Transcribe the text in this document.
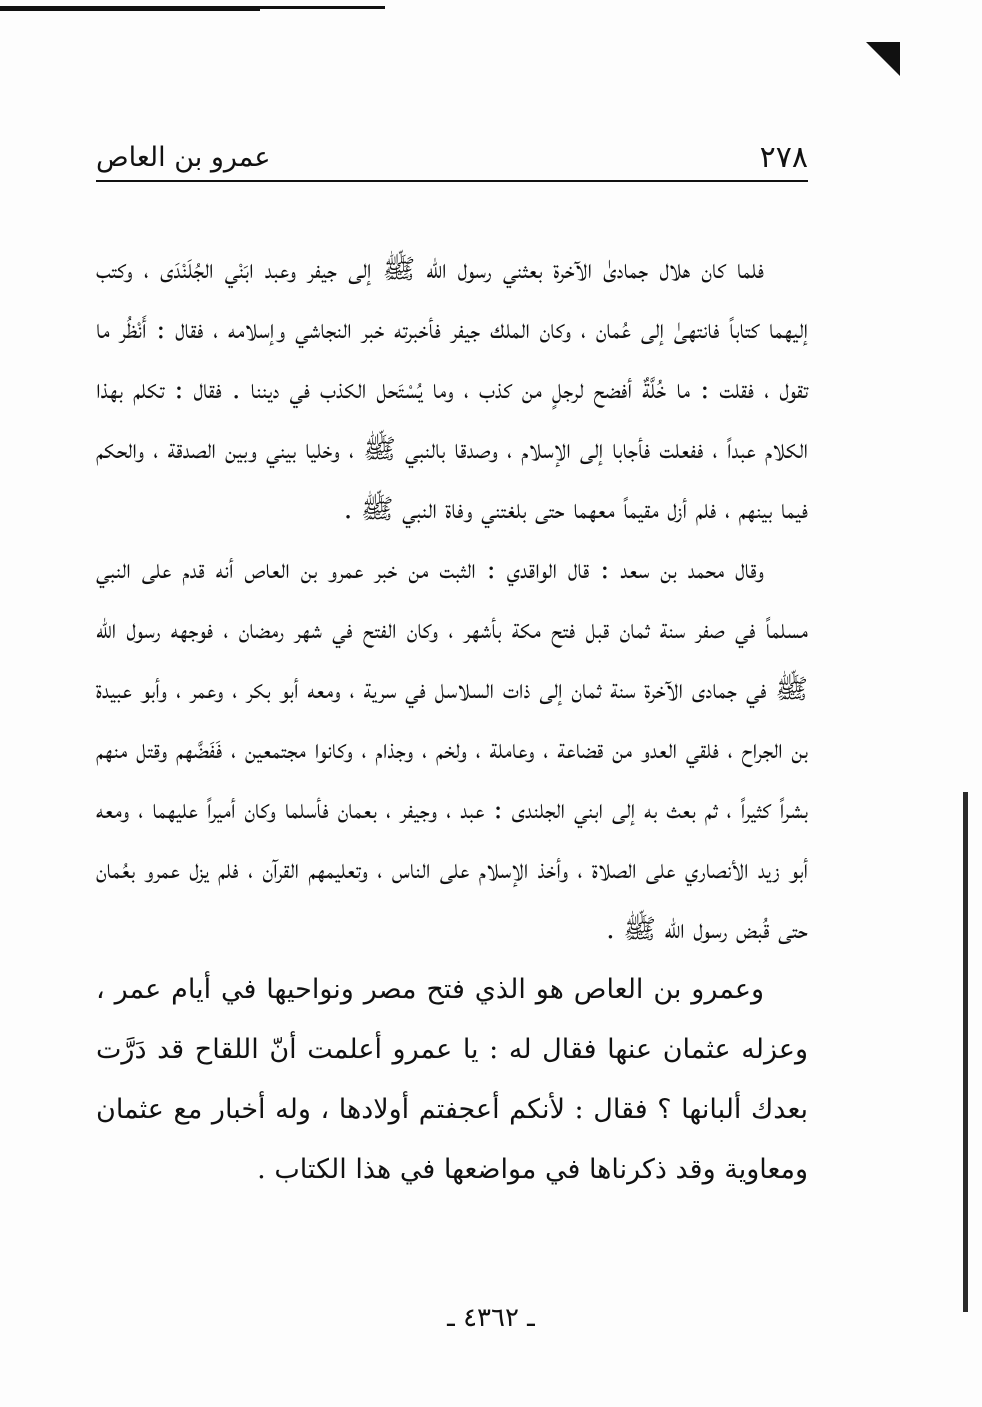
٢٧٨
عمرو بن العاص

فلما كان هلال جمادىٰ الآخرة بعثني رسول الله ﷺ إلى جيفر وعبد ابَنْي الجُلَنْدَى ، وكتب إليهما كتاباً فانتهىٰ إلى عُمان ، وكان الملك جيفر فأخبرته خبر النجاشي وإسلامه ، فقال : أَنْظُر ما تقول ، فقلت : ما خُلَّةٌ أفضح لرجلٍ من كذب ، وما يُسْتَحل الكذب في ديننا . فقال : تكلم بهذا الكلام عبداً ، ففعلت فأجابا إلى الإسلام ، وصدقا بالنبي ﷺ ، وخليا بيني وبين الصدقة ، والحكم فيما بينهم ، فلم أزل مقيماً معهما حتى بلغتني وفاة النبي ﷺ .

وقال محمد بن سعد : قال الواقدي : الثبت من خبر عمرو بن العاص أنه قدم على النبي مسلماً في صفر سنة ثمان قبل فتح مكة بأشهر ، وكان الفتح في شهر رمضان ، فوجهه رسول الله ﷺ في جمادى الآخرة سنة ثمان إلى ذات السلاسل في سرية ، ومعه أبو بكر ، وعمر ، وأبو عبيدة بن الجراح ، فلقي العدو من قضاعة ، وعاملة ، ولخم ، وجذام ، وكانوا مجتمعين ، فَفَضَّهم وقتل منهم بشراً كثيراً ، ثم بعث به إلى ابني الجلندى : عبد ، وجيفر ، بعمان فأسلما وكان أميراً عليهما ، ومعه أبو زيد الأنصاري على الصلاة ، وأخذ الإسلام على الناس ، وتعليمهم القرآن ، فلم يزل عمرو بعُمان حتى قُبض رسول الله ﷺ .

وعمرو بن العاص هو الذي فتح مصر ونواحيها في أيام عمر ، وعزله عثمان عنها فقال له : يا عمرو أعلمت أنّ اللقاح قد دَرَّت بعدك ألبانها ؟ فقال : لأنكم أعجفتم أولادها ، وله أخبار مع عثمان ومعاوية وقد ذكرناها في مواضعها في هذا الكتاب .

ـ ٤٣٦٢ ـ
